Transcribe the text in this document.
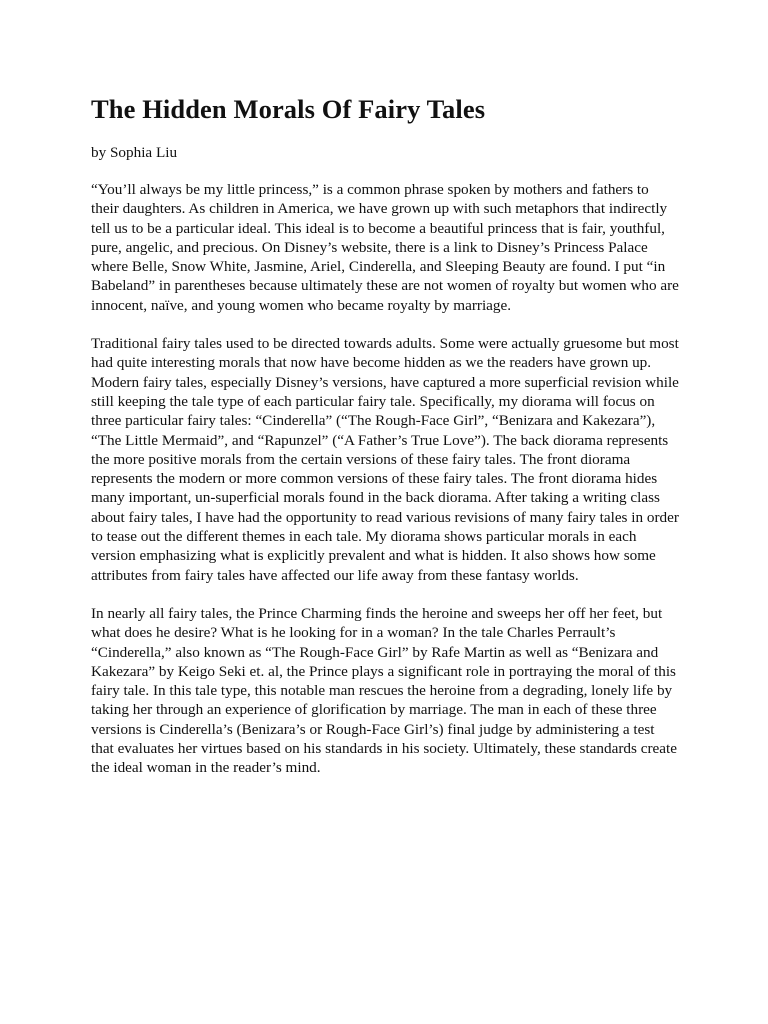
The Hidden Morals Of Fairy Tales

by Sophia Liu

“You’ll always be my little princess,” is a common phrase spoken by mothers and fathers to their daughters. As children in America, we have grown up with such metaphors that indirectly tell us to be a particular ideal. This ideal is to become a beautiful princess that is fair, youthful, pure, angelic, and precious. On Disney’s website, there is a link to Disney’s Princess Palace where Belle, Snow White, Jasmine, Ariel, Cinderella, and Sleeping Beauty are found. I put “in Babeland” in parentheses because ultimately these are not women of royalty but women who are innocent, naïve, and young women who became royalty by marriage.

Traditional fairy tales used to be directed towards adults. Some were actually gruesome but most had quite interesting morals that now have become hidden as we the readers have grown up. Modern fairy tales, especially Disney’s versions, have captured a more superficial revision while still keeping the tale type of each particular fairy tale. Specifically, my diorama will focus on three particular fairy tales: “Cinderella” (“The Rough-Face Girl”, “Benizara and Kakezara”), “The Little Mermaid”, and “Rapunzel” (“A Father’s True Love”). The back diorama represents the more positive morals from the certain versions of these fairy tales. The front diorama represents the modern or more common versions of these fairy tales. The front diorama hides many important, un-superficial morals found in the back diorama. After taking a writing class about fairy tales, I have had the opportunity to read various revisions of many fairy tales in order to tease out the different themes in each tale. My diorama shows particular morals in each version emphasizing what is explicitly prevalent and what is hidden. It also shows how some attributes from fairy tales have affected our life away from these fantasy worlds.

In nearly all fairy tales, the Prince Charming finds the heroine and sweeps her off her feet, but what does he desire? What is he looking for in a woman? In the tale Charles Perrault’s “Cinderella,” also known as “The Rough-Face Girl” by Rafe Martin as well as “Benizara and Kakezara” by Keigo Seki et. al, the Prince plays a significant role in portraying the moral of this fairy tale. In this tale type, this notable man rescues the heroine from a degrading, lonely life by taking her through an experience of glorification by marriage. The man in each of these three versions is Cinderella’s (Benizara’s or Rough-Face Girl’s) final judge by administering a test that evaluates her virtues based on his standards in his society. Ultimately, these standards create the ideal woman in the reader’s mind.
